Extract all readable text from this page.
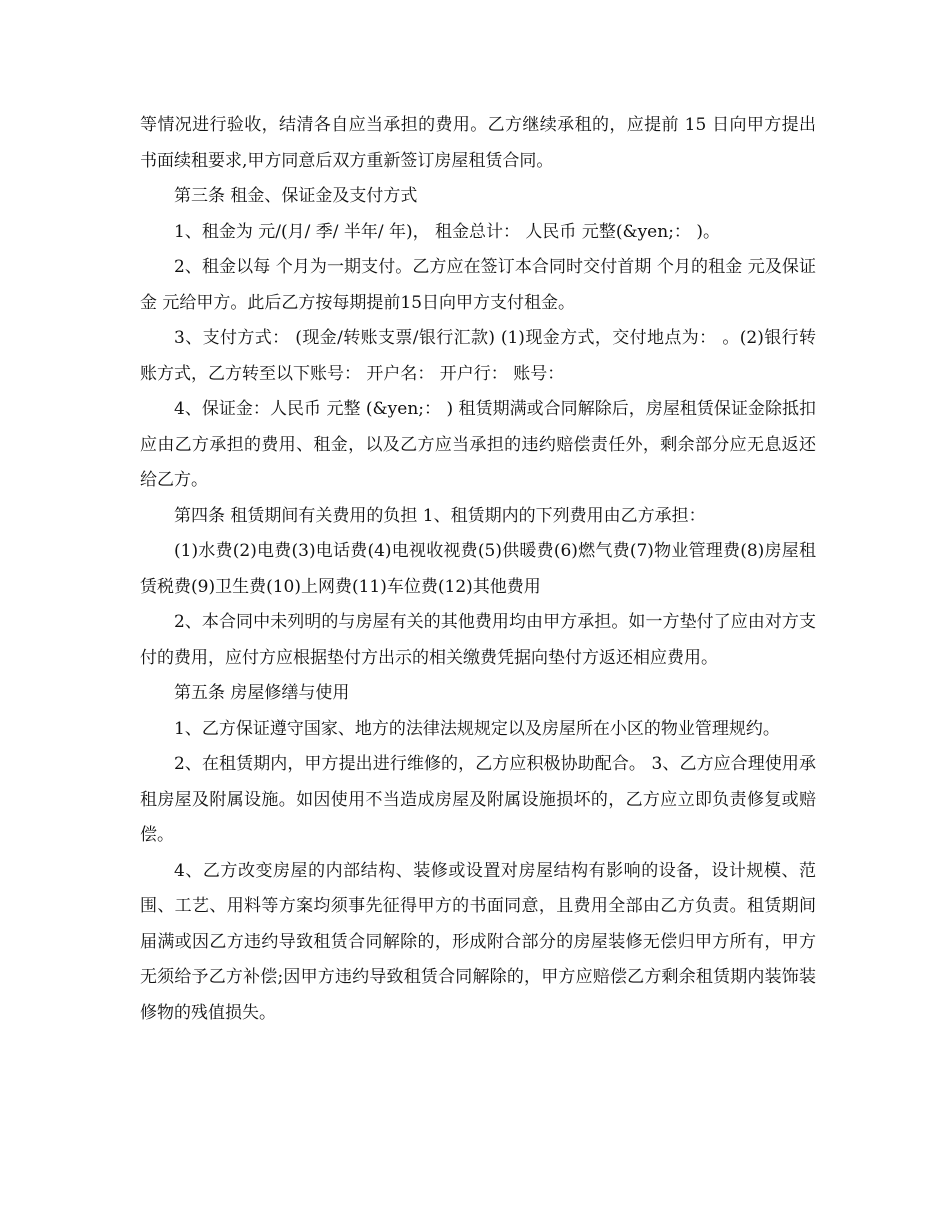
等情况进行验收，结清各自应当承担的费用。乙方继续承租的，应提前 15 日向甲方提出书面续租要求,甲方同意后双方重新签订房屋租赁合同。

第三条 租金、保证金及支付方式

1、租金为 元/(月/ 季/ 半年/ 年)， 租金总计： 人民币 元整(&yen;： )。

2、租金以每 个月为一期支付。乙方应在签订本合同时交付首期 个月的租金 元及保证金 元给甲方。此后乙方按每期提前15日向甲方支付租金。

3、支付方式： (现金/转账支票/银行汇款) (1)现金方式，交付地点为： 。(2)银行转账方式，乙方转至以下账号： 开户名： 开户行： 账号：

4、保证金：人民币 元整 (&yen;： ) 租赁期满或合同解除后，房屋租赁保证金除抵扣应由乙方承担的费用、租金，以及乙方应当承担的违约赔偿责任外，剩余部分应无息返还给乙方。

第四条 租赁期间有关费用的负担 1、租赁期内的下列费用由乙方承担：

(1)水费(2)电费(3)电话费(4)电视收视费(5)供暖费(6)燃气费(7)物业管理费(8)房屋租赁税费(9)卫生费(10)上网费(11)车位费(12)其他费用

2、本合同中未列明的与房屋有关的其他费用均由甲方承担。如一方垫付了应由对方支付的费用，应付方应根据垫付方出示的相关缴费凭据向垫付方返还相应费用。

第五条 房屋修缮与使用

1、乙方保证遵守国家、地方的法律法规规定以及房屋所在小区的物业管理规约。

2、在租赁期内，甲方提出进行维修的，乙方应积极协助配合。 3、乙方应合理使用承租房屋及附属设施。如因使用不当造成房屋及附属设施损坏的，乙方应立即负责修复或赔偿。

4、乙方改变房屋的内部结构、装修或设置对房屋结构有影响的设备，设计规模、范围、工艺、用料等方案均须事先征得甲方的书面同意，且费用全部由乙方负责。租赁期间届满或因乙方违约导致租赁合同解除的，形成附合部分的房屋装修无偿归甲方所有，甲方无须给予乙方补偿;因甲方违约导致租赁合同解除的，甲方应赔偿乙方剩余租赁期内装饰装修物的残值损失。
